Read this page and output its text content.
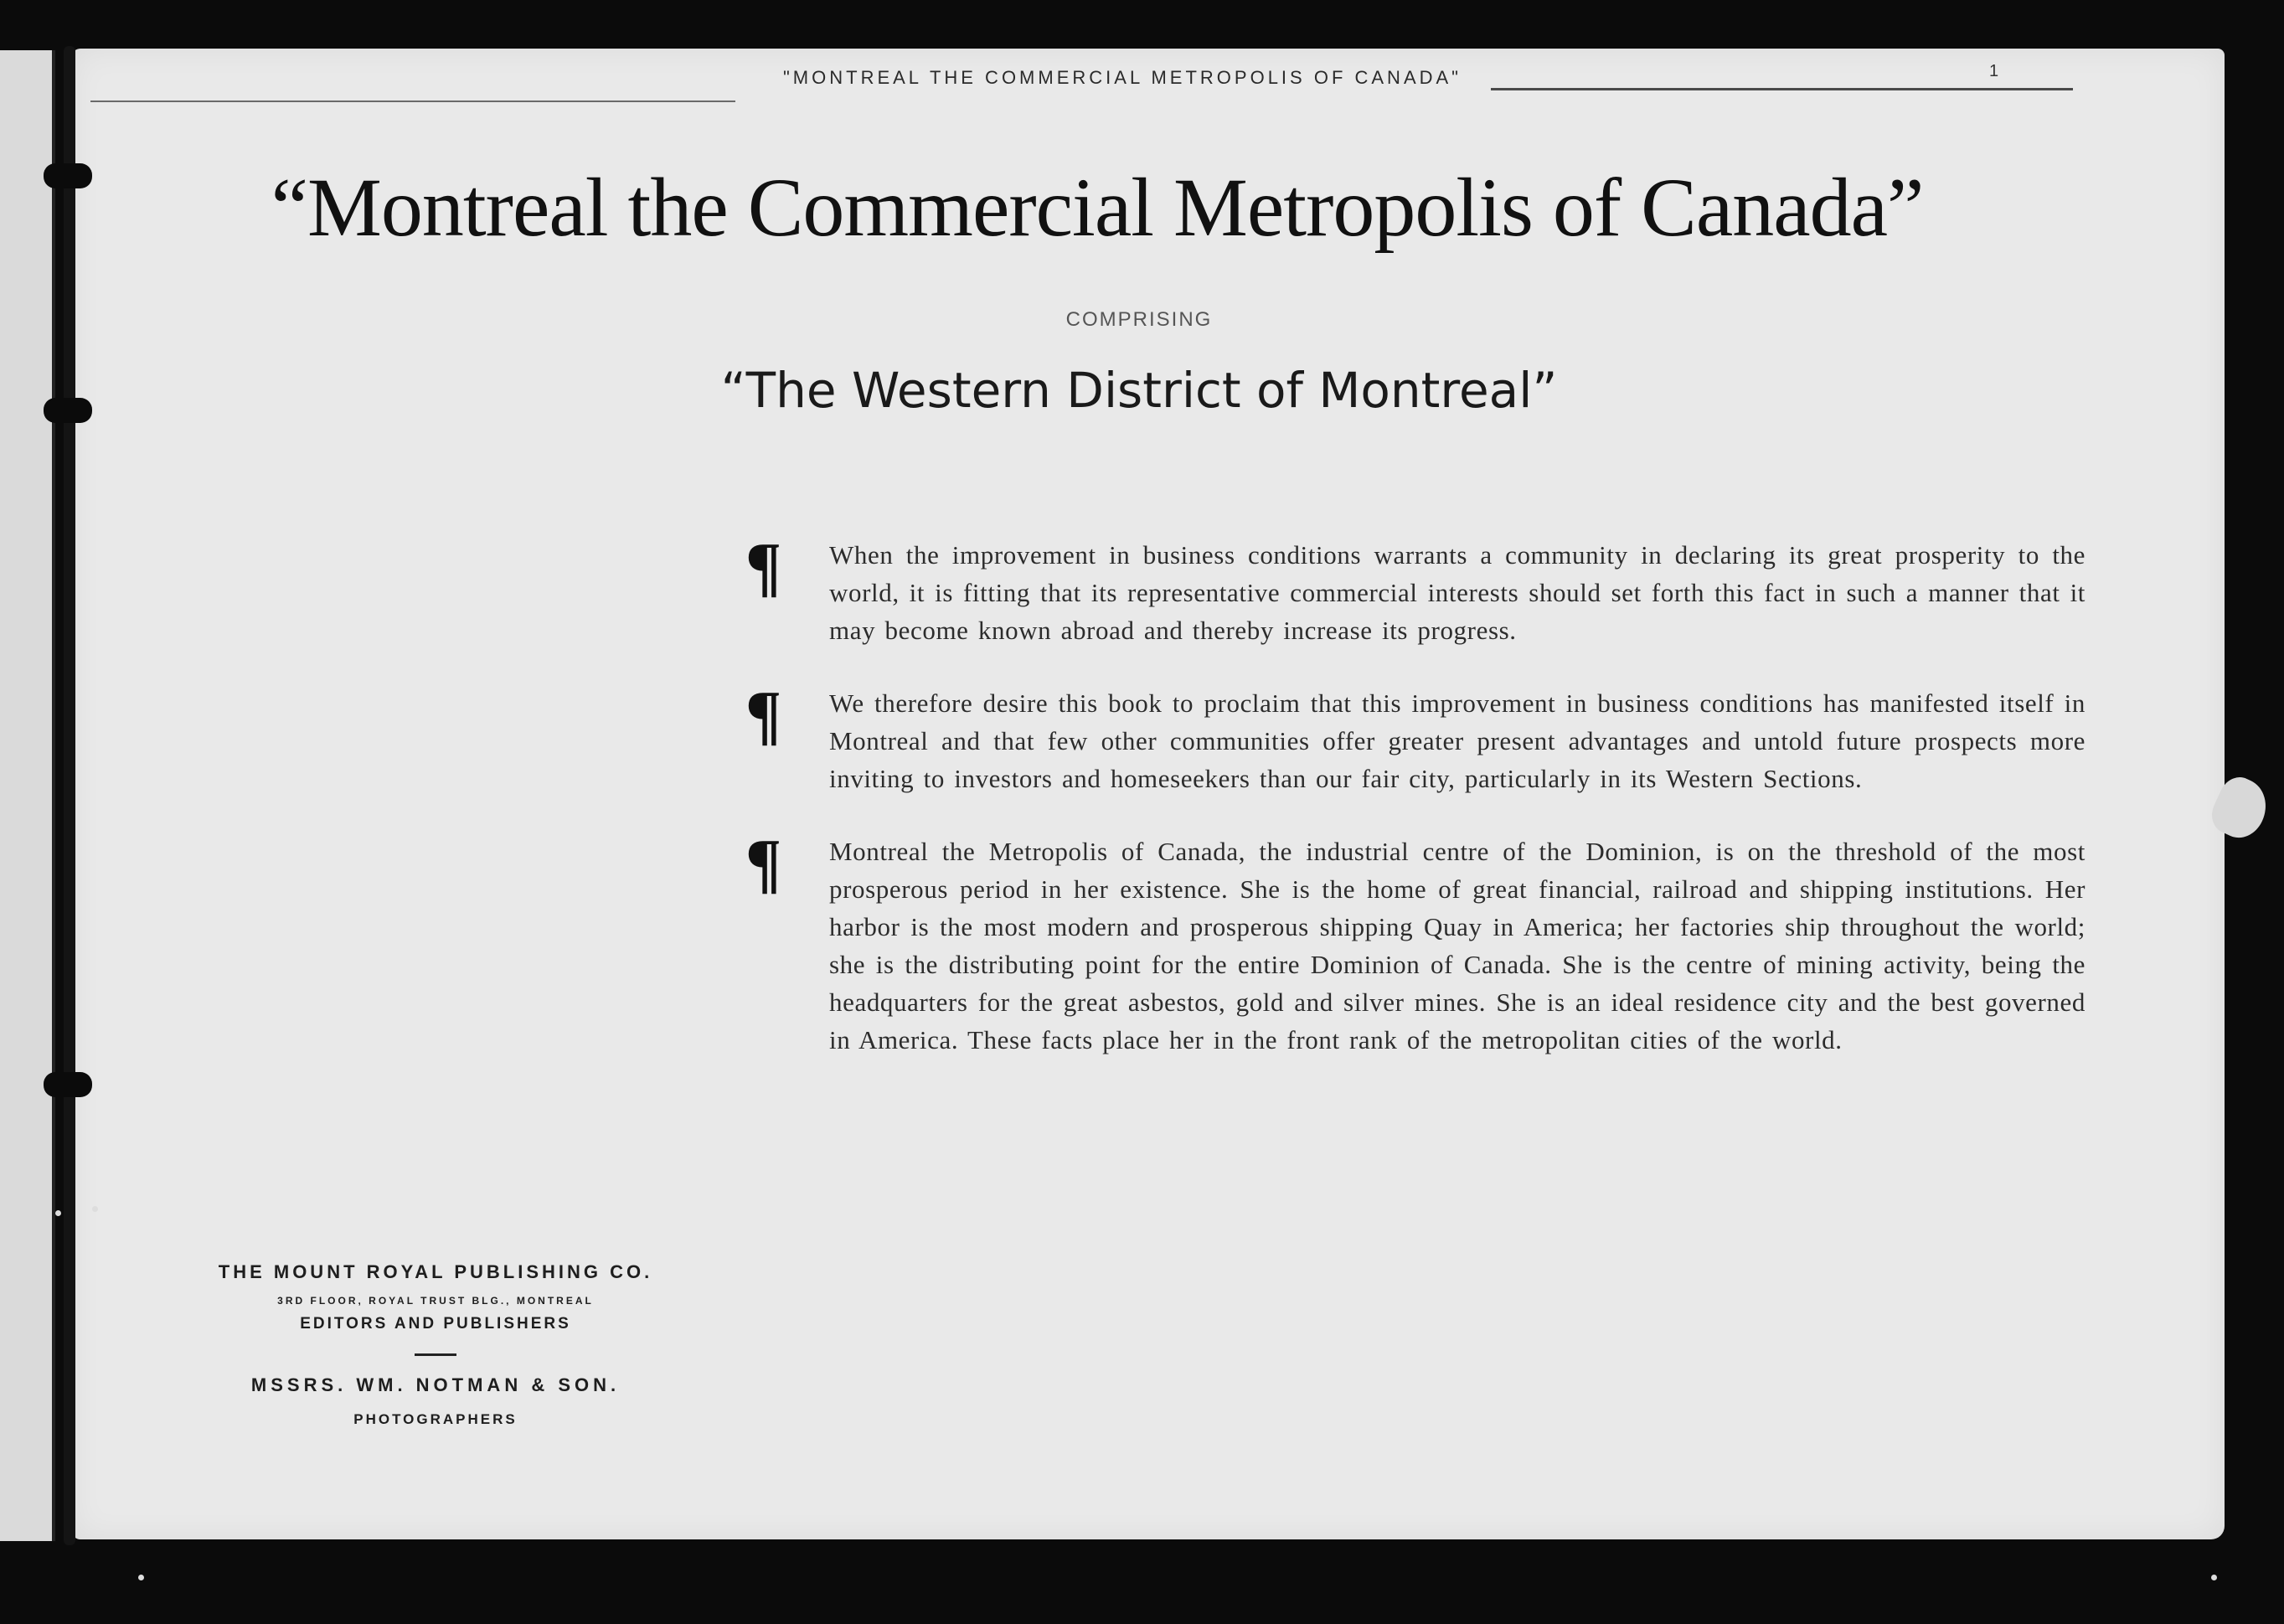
"MONTREAL THE COMMERCIAL METROPOLIS OF CANADA"	1
“Montreal the Commercial Metropolis of Canada”
COMPRISING
“The Western District of Montreal”
¶ When the improvement in business conditions warrants a community in declaring its great prosperity to the world, it is fitting that its representative commercial interests should set forth this fact in such a manner that it may become known abroad and thereby increase its progress.
¶ We therefore desire this book to proclaim that this improvement in business conditions has manifested itself in Montreal and that few other communities offer greater present advantages and untold future prospects more inviting to investors and homeseekers than our fair city, particularly in its Western Sections.
¶ Montreal the Metropolis of Canada, the industrial centre of the Dominion, is on the threshold of the most prosperous period in her existence. She is the home of great financial, railroad and shipping institutions. Her harbor is the most modern and prosperous shipping Quay in America; her factories ship throughout the world; she is the distributing point for the entire Dominion of Canada. She is the centre of mining activity, being the headquarters for the great asbestos, gold and silver mines. She is an ideal residence city and the best governed in America. These facts place her in the front rank of the metropolitan cities of the world.
THE MOUNT ROYAL PUBLISHING CO.
3RD FLOOR, ROYAL TRUST BLG., MONTREAL
EDITORS AND PUBLISHERS
MSSRS. WM. NOTMAN & SON.
PHOTOGRAPHERS
